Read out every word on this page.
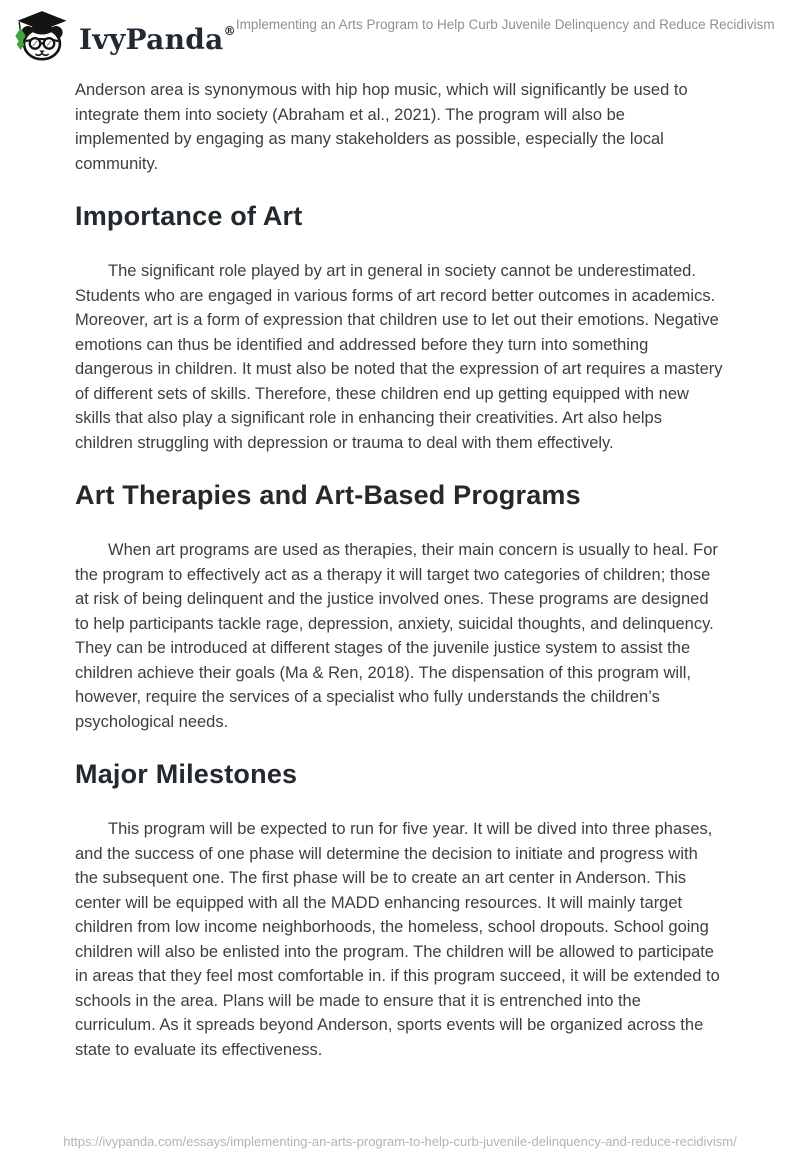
IvyPanda® Implementing an Arts Program to Help Curb Juvenile Delinquency and Reduce Recidivism

Anderson area is synonymous with hip hop music, which will significantly be used to integrate them into society (Abraham et al., 2021). The program will also be implemented by engaging as many stakeholders as possible, especially the local community.

Importance of Art

The significant role played by art in general in society cannot be underestimated. Students who are engaged in various forms of art record better outcomes in academics. Moreover, art is a form of expression that children use to let out their emotions. Negative emotions can thus be identified and addressed before they turn into something dangerous in children. It must also be noted that the expression of art requires a mastery of different sets of skills. Therefore, these children end up getting equipped with new skills that also play a significant role in enhancing their creativities. Art also helps children struggling with depression or trauma to deal with them effectively.

Art Therapies and Art-Based Programs

When art programs are used as therapies, their main concern is usually to heal. For the program to effectively act as a therapy it will target two categories of children; those at risk of being delinquent and the justice involved ones. These programs are designed to help participants tackle rage, depression, anxiety, suicidal thoughts, and delinquency. They can be introduced at different stages of the juvenile justice system to assist the children achieve their goals (Ma & Ren, 2018). The dispensation of this program will, however, require the services of a specialist who fully understands the children’s psychological needs.

Major Milestones

This program will be expected to run for five year. It will be dived into three phases, and the success of one phase will determine the decision to initiate and progress with the subsequent one. The first phase will be to create an art center in Anderson. This center will be equipped with all the MADD enhancing resources. It will mainly target children from low income neighborhoods, the homeless, school dropouts. School going children will also be enlisted into the program. The children will be allowed to participate in areas that they feel most comfortable in. if this program succeed, it will be extended to schools in the area. Plans will be made to ensure that it is entrenched into the curriculum. As it spreads beyond Anderson, sports events will be organized across the state to evaluate its effectiveness.

https://ivypanda.com/essays/implementing-an-arts-program-to-help-curb-juvenile-delinquency-and-reduce-recidivism/
